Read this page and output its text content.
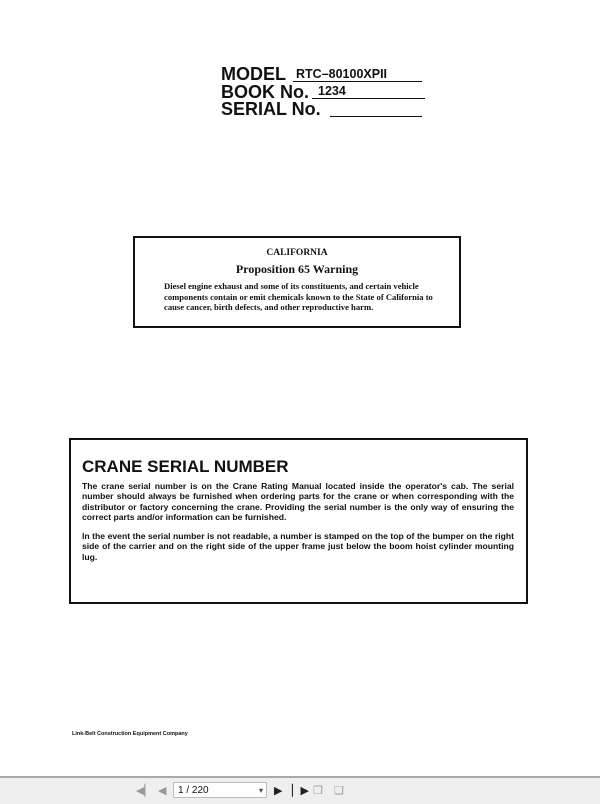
MODEL RTC–80100XPII
BOOK No. 1234
SERIAL No.
CALIFORNIA
Proposition 65 Warning
Diesel engine exhaust and some of its constituents, and certain vehicle components contain or emit chemicals known to the State of California to cause cancer, birth defects, and other reproductive harm.
CRANE SERIAL NUMBER

The crane serial number is on the Crane Rating Manual located inside the operator's cab. The serial number should always be furnished when ordering parts for the crane or when corresponding with the distributor or factory concerning the crane. Providing the serial number is the only way of ensuring the correct parts and/or information can be furnished.

In the event the serial number is not readable, a number is stamped on the top of the bumper on the right side of the carrier and on the right side of the upper frame just below the boom hoist cylinder mounting lug.

Link-Belt Construction Equipment Company
◀▏ ◀	1 / 220	▾ ▶ ▏▶ ❐ ❑
